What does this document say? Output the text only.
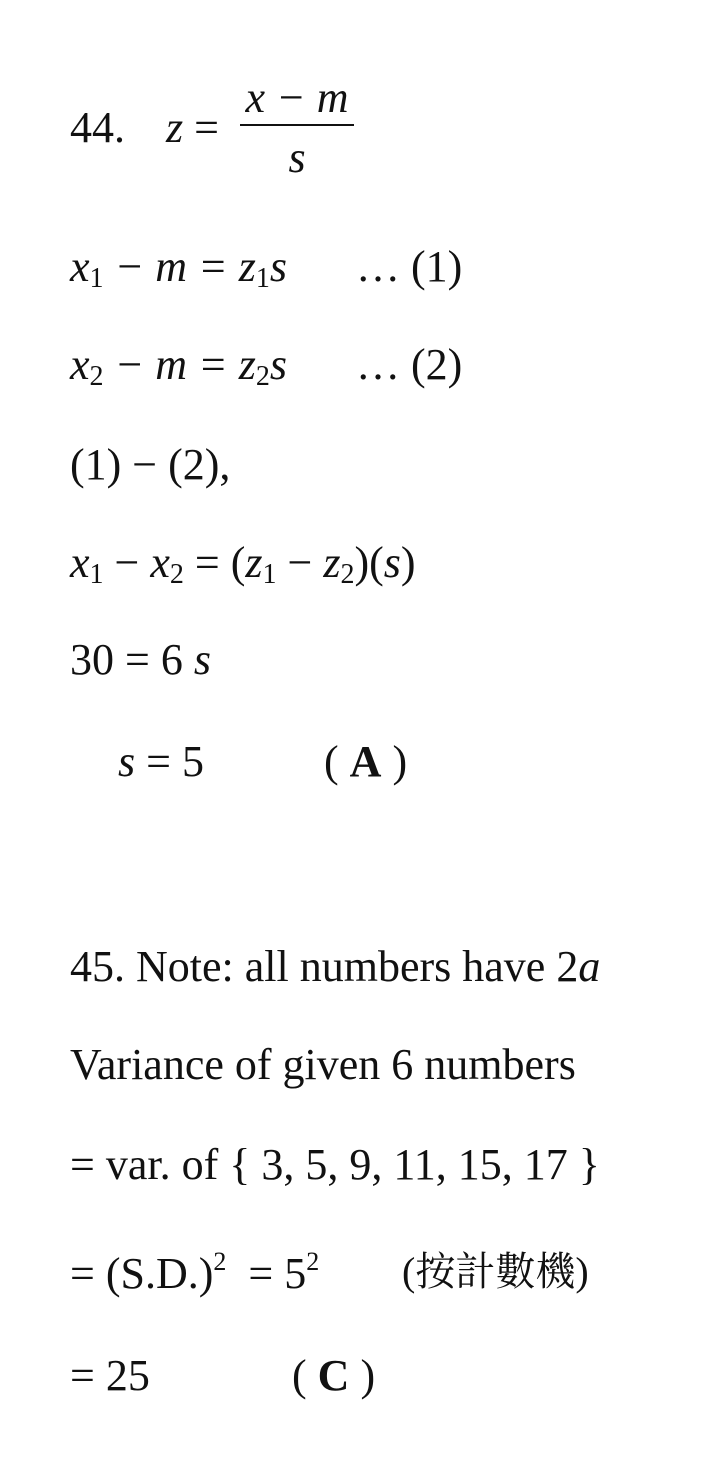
44. z =
x − m
s
x1 − m = z1s … (1)
x2 − m = z2s … (2)
(1) − (2),
x1 − x2 = (z1 − z2)(s)
30 = 6 s
s = 5	( A )
45. Note: all numbers have 2a
Variance of given 6 numbers
= var. of { 3, 5, 9, 11, 15, 17 }
= $(S.D.)^2 = 5^2$ (按計數機)
= 25	( C )
